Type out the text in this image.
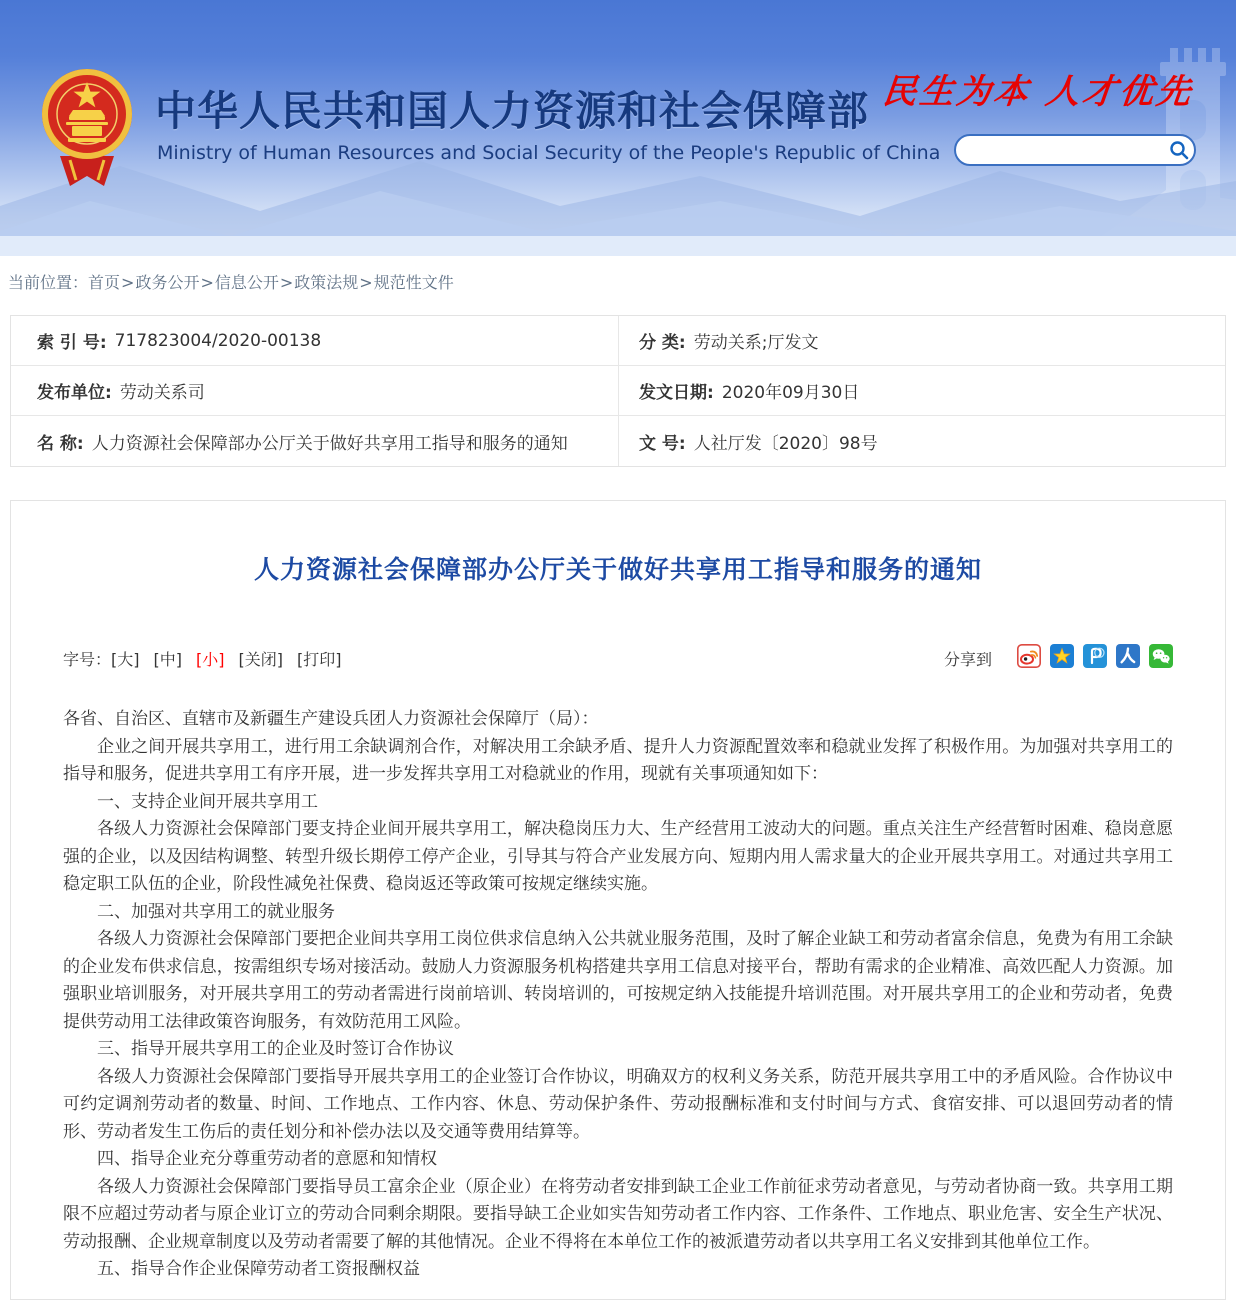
中华人民共和国人力资源和社会保障部
Ministry of Human Resources and Social Security of the People's Republic of China
民生为本 人才优先
当前位置：首页>政务公开>信息公开>政策法规>规范性文件
索 引 号: 717823004/2020-00138	分 类: 劳动关系;厅发文
发布单位: 劳动关系司	发文日期: 2020年09月30日
名 称: 人力资源社会保障部办公厅关于做好共享用工指导和服务的通知	文 号: 人社厅发〔2020〕98号
人力资源社会保障部办公厅关于做好共享用工指导和服务的通知
字号：[大] [中] [小] [关闭] [打印]	分享到

各省、自治区、直辖市及新疆生产建设兵团人力资源社会保障厅（局）：

企业之间开展共享用工，进行用工余缺调剂合作，对解决用工余缺矛盾、提升人力资源配置效率和稳就业发挥了积极作用。为加强对共享用工的指导和服务，促进共享用工有序开展，进一步发挥共享用工对稳就业的作用，现就有关事项通知如下：

一、支持企业间开展共享用工

各级人力资源社会保障部门要支持企业间开展共享用工，解决稳岗压力大、生产经营用工波动大的问题。重点关注生产经营暂时困难、稳岗意愿强的企业，以及因结构调整、转型升级长期停工停产企业，引导其与符合产业发展方向、短期内用人需求量大的企业开展共享用工。对通过共享用工稳定职工队伍的企业，阶段性减免社保费、稳岗返还等政策可按规定继续实施。

二、加强对共享用工的就业服务

各级人力资源社会保障部门要把企业间共享用工岗位供求信息纳入公共就业服务范围，及时了解企业缺工和劳动者富余信息，免费为有用工余缺的企业发布供求信息，按需组织专场对接活动。鼓励人力资源服务机构搭建共享用工信息对接平台，帮助有需求的企业精准、高效匹配人力资源。加强职业培训服务，对开展共享用工的劳动者需进行岗前培训、转岗培训的，可按规定纳入技能提升培训范围。对开展共享用工的企业和劳动者，免费提供劳动用工法律政策咨询服务，有效防范用工风险。

三、指导开展共享用工的企业及时签订合作协议

各级人力资源社会保障部门要指导开展共享用工的企业签订合作协议，明确双方的权利义务关系，防范开展共享用工中的矛盾风险。合作协议中可约定调剂劳动者的数量、时间、工作地点、工作内容、休息、劳动保护条件、劳动报酬标准和支付时间与方式、食宿安排、可以退回劳动者的情形、劳动者发生工伤后的责任划分和补偿办法以及交通等费用结算等。

四、指导企业充分尊重劳动者的意愿和知情权

各级人力资源社会保障部门要指导员工富余企业（原企业）在将劳动者安排到缺工企业工作前征求劳动者意见，与劳动者协商一致。共享用工期限不应超过劳动者与原企业订立的劳动合同剩余期限。要指导缺工企业如实告知劳动者工作内容、工作条件、工作地点、职业危害、安全生产状况、劳动报酬、企业规章制度以及劳动者需要了解的其他情况。企业不得将在本单位工作的被派遣劳动者以共享用工名义安排到其他单位工作。

五、指导合作企业保障劳动者工资报酬权益
